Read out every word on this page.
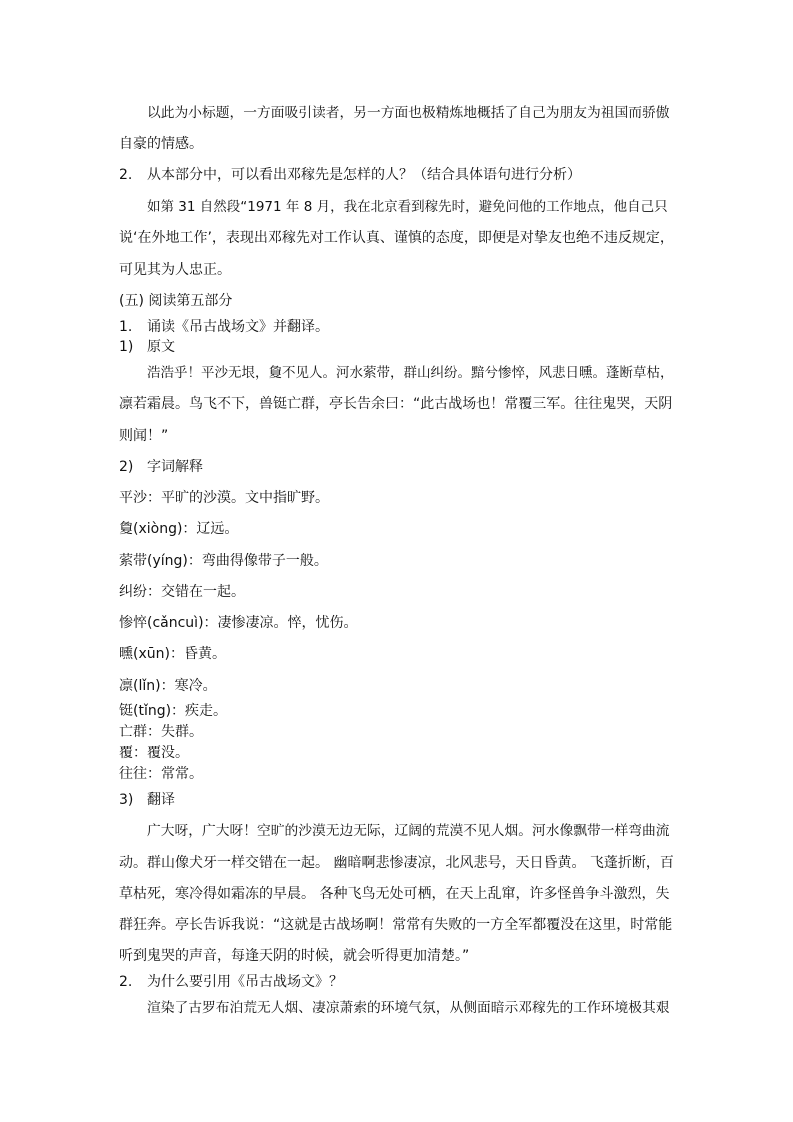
以此为小标题，一方面吸引读者，另一方面也极精炼地概括了自己为朋友为祖国而骄傲
自豪的情感。
2. 从本部分中，可以看出邓稼先是怎样的人？（结合具体语句进行分析）
如第 31 自然段“1971 年 8 月，我在北京看到稼先时，避免问他的工作地点，他自己只
说‘在外地工作’，表现出邓稼先对工作认真、谨慎的态度，即便是对挚友也绝不违反规定，
可见其为人忠正。
(五) 阅读第五部分
1. 诵读《吊古战场文》并翻译。
1) 原文
浩浩乎！平沙无垠，敻不见人。河水萦带，群山纠纷。黯兮惨悴，风悲日曛。蓬断草枯，
凛若霜晨。鸟飞不下，兽铤亡群，亭长告余曰：“此古战场也！常覆三军。往往鬼哭，天阴
则闻！”
2) 字词解释
平沙：平旷的沙漠。文中指旷野。
敻(xiòng)：辽远。
萦带(yíng)：弯曲得像带子一般。
纠纷：交错在一起。
惨悴(cǎncuì)：凄惨凄凉。悴，忧伤。
曛(xūn)：昏黄。
凛(lǐn)：寒冷。
铤(tǐng)：疾走。
亡群：失群。
覆：覆没。
往往：常常。
3) 翻译
广大呀，广大呀！空旷的沙漠无边无际，辽阔的荒漠不见人烟。河水像飘带一样弯曲流
动。群山像犬牙一样交错在一起。 幽暗啊悲惨凄凉，北风悲号，天日昏黄。 飞蓬折断，百
草枯死，寒冷得如霜冻的早晨。 各种飞鸟无处可栖，在天上乱窜，许多怪兽争斗激烈，失
群狂奔。亭长告诉我说：“这就是古战场啊！常常有失败的一方全军都覆没在这里，时常能
听到鬼哭的声音，每逢天阴的时候，就会听得更加清楚。”
2. 为什么要引用《吊古战场文》？
渲染了古罗布泊荒无人烟、凄凉萧索的环境气氛，从侧面暗示邓稼先的工作环境极其艰
